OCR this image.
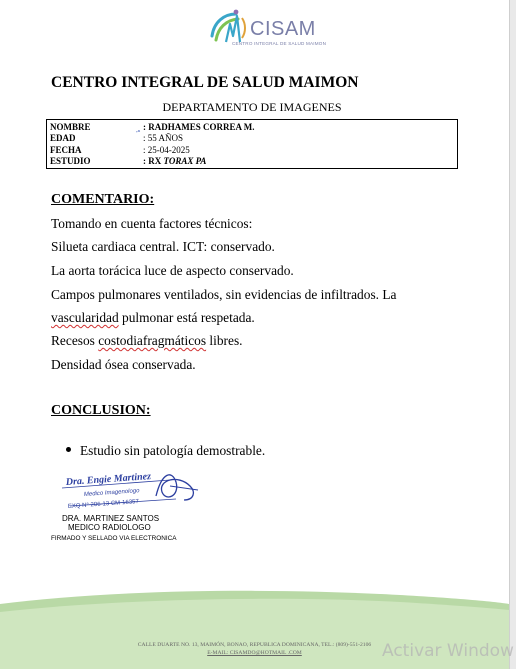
CISAM
CENTRO INTEGRAL DE SALUD MAIMON
CENTRO INTEGRAL DE SALUD MAIMON
DEPARTAMENTO DE IMAGENES
NOMBRE	ᵥₙ : RADHAMES CORREA M.
EDAD	: 55 AÑOS
FECHA	: 25-04-2025
ESTUDIO	: RX TORAX PA
COMENTARIO:
Tomando en cuenta factores técnicos:
Silueta cardiaca central. ICT: conservado.
La aorta torácica luce de aspecto conservado.
Campos pulmonares ventilados, sin evidencias de infiltrados. La
vascularidad pulmonar está respetada.
Recesos costodiafragmáticos libres.
Densidad ósea conservada.
CONCLUSION:
Estudio sin patología demostrable.
Dra. Engie Martinez
Medico Imagenologo
EXQ N° 206-13 CM-16357
DRA. MARTINEZ SANTOS
MEDICO RADIOLOGO
FIRMADO Y SELLADO VIA ELECTRONICA
CALLE DUARTE NO. 13, MAIMÓN, BONAO, REPUBLICA DOMINICANA, TEL.: (809)-551-2106
E-MAIL: CISAMDO@HOTMAIL .COM	Activar Window
